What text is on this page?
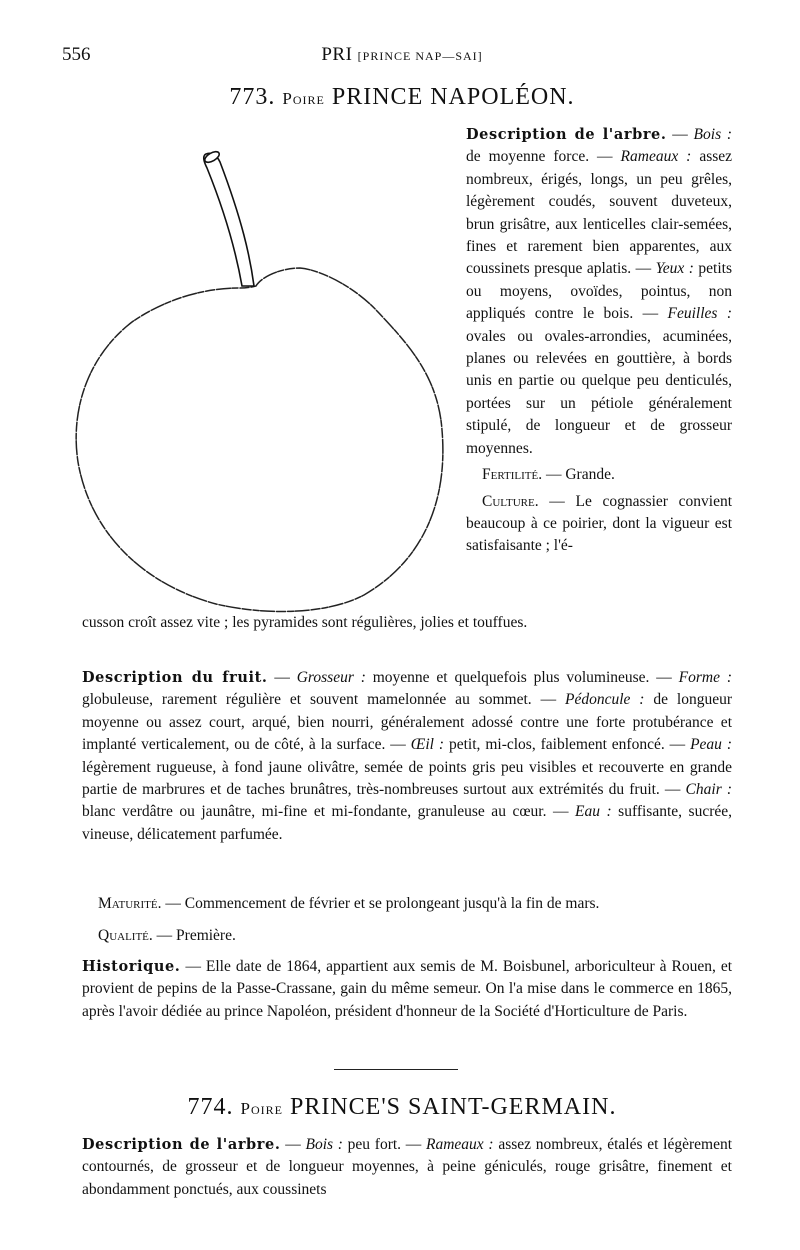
556	PRI [PRINCE NAP—SAI]
773. Poire PRINCE NAPOLÉON.

Description de l'arbre. — Bois : de moyenne force. — Rameaux : assez nombreux, érigés, longs, un peu grêles, légèrement coudés, souvent duveteux, brun grisâtre, aux lenticelles clair-semées, fines et rarement bien apparentes, aux coussinets presque aplatis. — Yeux : petits ou moyens, ovoïdes, pointus, non appliqués contre le bois. — Feuilles : ovales ou ovales-arrondies, acuminées, planes ou relevées en gouttière, à bords unis en partie ou quelque peu denticulés, portées sur un pétiole généralement stipulé, de longueur et de grosseur moyennes.

Fertilité. — Grande.

Culture. — Le cognassier convient beaucoup à ce poirier, dont la vigueur est satisfaisante ; l'é-

cusson croît assez vite ; les pyramides sont régulières, jolies et touffues.

Description du fruit. — Grosseur : moyenne et quelquefois plus volumineuse. — Forme : globuleuse, rarement régulière et souvent mamelonnée au sommet. — Pédoncule : de longueur moyenne ou assez court, arqué, bien nourri, généralement adossé contre une forte protubérance et implanté verticalement, ou de côté, à la surface. — Œil : petit, mi-clos, faiblement enfoncé. — Peau : légèrement rugueuse, à fond jaune olivâtre, semée de points gris peu visibles et recouverte en grande partie de marbrures et de taches brunâtres, très-nombreuses surtout aux extrémités du fruit. — Chair : blanc verdâtre ou jaunâtre, mi-fine et mi-fondante, granuleuse au cœur. — Eau : suffisante, sucrée, vineuse, délicatement parfumée.

Maturité. — Commencement de février et se prolongeant jusqu'à la fin de mars.

Qualité. — Première.

Historique. — Elle date de 1864, appartient aux semis de M. Boisbunel, arboriculteur à Rouen, et provient de pepins de la Passe-Crassane, gain du même semeur. On l'a mise dans le commerce en 1865, après l'avoir dédiée au prince Napoléon, président d'honneur de la Société d'Horticulture de Paris.

774. Poire PRINCE'S SAINT-GERMAIN.

Description de l'arbre. — Bois : peu fort. — Rameaux : assez nombreux, étalés et légèrement contournés, de grosseur et de longueur moyennes, à peine géniculés, rouge grisâtre, finement et abondamment ponctués, aux coussinets
